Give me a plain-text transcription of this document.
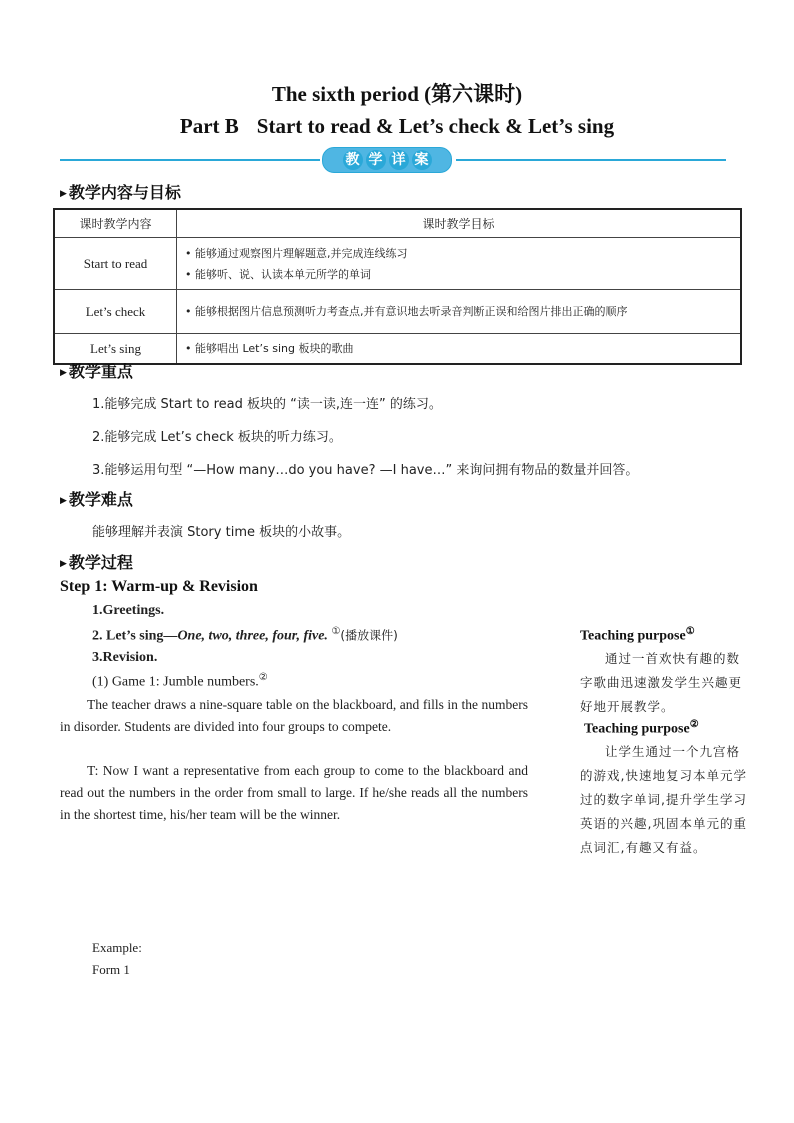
The sixth period (第六课时)
Part B Start to read & Let’s check & Let’s sing
教 学 详 案
▶ 教学内容与目标
课时教学内容	课时教学目标
Start to read	• 能够通过观察图片理解题意,并完成连线练习
• 能够听、说、认读本单元所学的单词

Let’s check	• 能够根据图片信息预测听力考查点,并有意识地去听录音判断正误和给图片排出正确的顺序

Let’s sing	• 能够唱出 Let’s sing 板块的歌曲
▶ 教学重点
1.能够完成 Start to read 板块的 “读一读,连一连” 的练习。
2.能够完成 Let’s check 板块的听力练习。
3.能够运用句型 “—How many…do you have? —I have…” 来询问拥有物品的数量并回答。
▶ 教学难点
能够理解并表演 Story time 板块的小故事。
▶ 教学过程
Step 1: Warm-up & Revision
1.Greetings.
2. Let’s sing—One, two, three, four, five. ①(播放课件)
3.Revision.
(1) Game 1: Jumble numbers.②
The teacher draws a nine-square table on the blackboard, and fills in the numbers in disorder. Students are divided into four groups to compete.
T: Now I want a representative from each group to come to the blackboard and read out the numbers in the order from small to large. If he/she reads all the numbers in the shortest time, his/her team will be the winner.
Example:
Form 1
Teaching purpose①
通过一首欢快有趣的数字歌曲迅速激发学生兴趣更好地开展教学。
Teaching purpose②
让学生通过一个九宫格的游戏,快速地复习本单元学过的数字单词,提升学生学习英语的兴趣,巩固本单元的重点词汇,有趣又有益。
